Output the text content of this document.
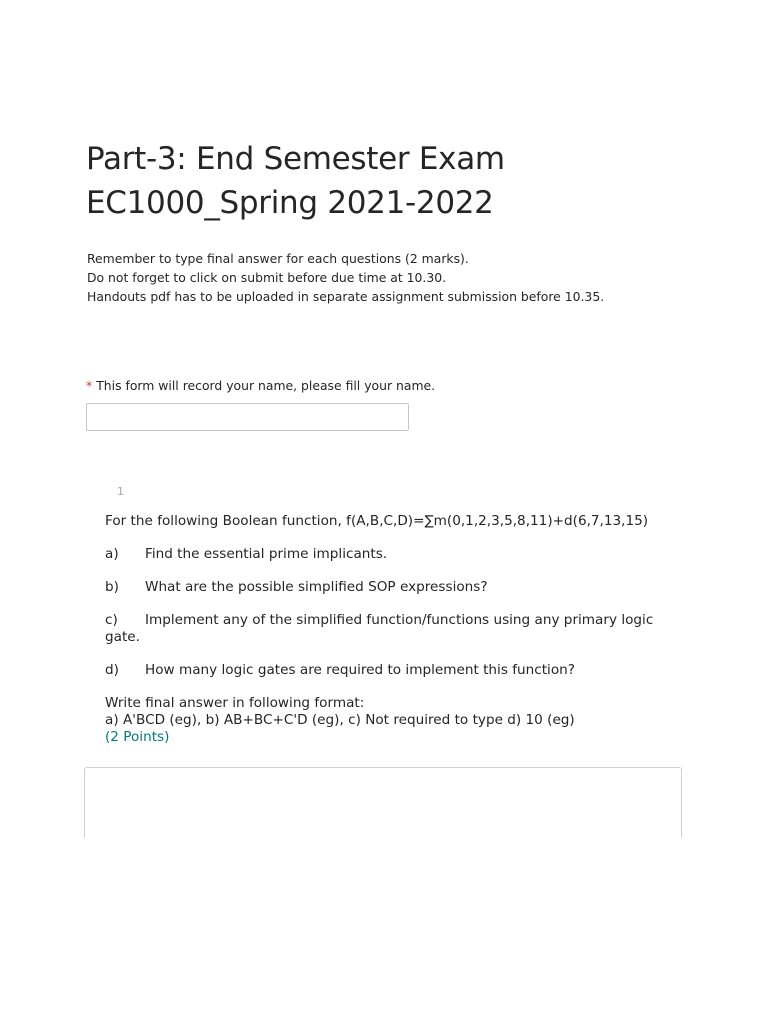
Part-3: End Semester Exam
EC1000_Spring 2021-2022
Remember to type final answer for each questions (2 marks).
Do not forget to click on submit before due time at 10.30.
Handouts pdf has to be uploaded in separate assignment submission before 10.35.
* This form will record your name, please fill your name.
1

For the following Boolean function, f(A,B,C,D)=∑m(0,1,2,3,5,8,11)+d(6,7,13,15)

a) Find the essential prime implicants.

b) What are the possible simplified SOP expressions?

c) Implement any of the simplified function/functions using any primary logic gate.

d) How many logic gates are required to implement this function?

Write final answer in following format:
a) A'BCD (eg), b) AB+BC+C'D (eg), c) Not required to type d) 10 (eg)
(2 Points)
